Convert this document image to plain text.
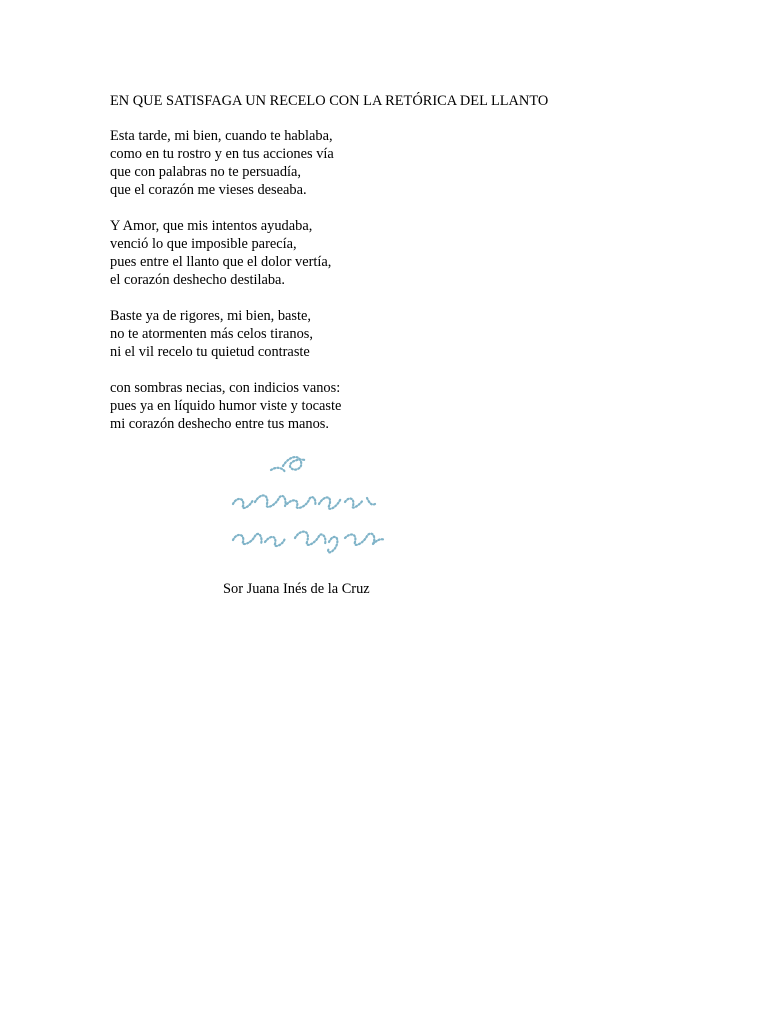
EN QUE SATISFAGA UN RECELO CON LA RETÓRICA DEL LLANTO
Esta tarde, mi bien, cuando te hablaba,
como en tu rostro y en tus acciones vía
que con palabras no te persuadía,
que el corazón me vieses deseaba.
Y Amor, que mis intentos ayudaba,
venció lo que imposible parecía,
pues entre el llanto que el dolor vertía,
el corazón deshecho destilaba.
Baste ya de rigores, mi bien, baste,
no te atormenten más celos tiranos,
ni el vil recelo tu quietud contraste
con sombras necias, con indicios vanos:
pues ya en líquido humor viste y tocaste
mi corazón deshecho entre tus manos.
Sor Juana Inés de la Cruz
